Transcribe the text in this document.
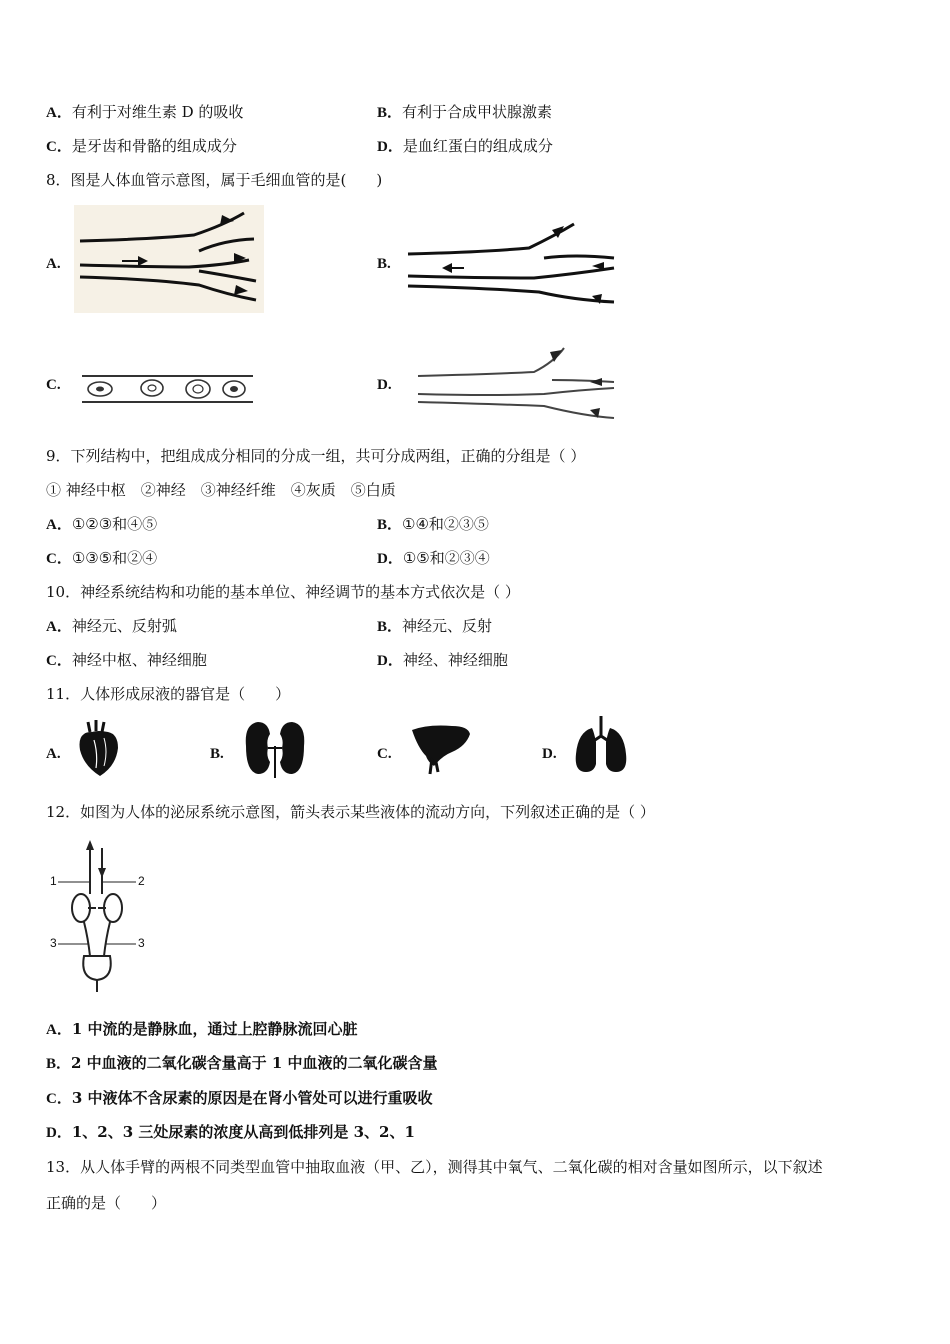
A．有利于对维生素 D 的吸收	B．有利于合成甲状腺激素
C．是牙齿和骨骼的组成成分	D．是血红蛋白的组成成分
8．图是人体血管示意图，属于毛细血管的是(　　)
A.	B.
C.	D.
9．下列结构中，把组成成分相同的分成一组，共可分成两组，正确的分组是（ ）
① 神经中枢　②神经　③神经纤维　④灰质　⑤白质
A．①②③和④⑤	B．①④和②③⑤
C．①③⑤和②④	D．①⑤和②③④
10．神经系统结构和功能的基本单位、神经调节的基本方式依次是（ ）
A．神经元、反射弧	B．神经元、反射
C．神经中枢、神经细胞	D．神经、神经细胞
11．人体形成尿液的器官是（　　）
A.	B.	C.	D.
12．如图为人体的泌尿系统示意图，箭头表示某些液体的流动方向，下列叙述正确的是（ ）
1	2
3	3
A．1 中流的是静脉血，通过上腔静脉流回心脏
B．2 中血液的二氧化碳含量高于 1 中血液的二氧化碳含量
C．3 中液体不含尿素的原因是在肾小管处可以进行重吸收
D．1、2、3 三处尿素的浓度从高到低排列是 3、2、1
13．从人体手臂的两根不同类型血管中抽取血液（甲、乙），测得其中氧气、二氧化碳的相对含量如图所示，以下叙述
正确的是（　　）
